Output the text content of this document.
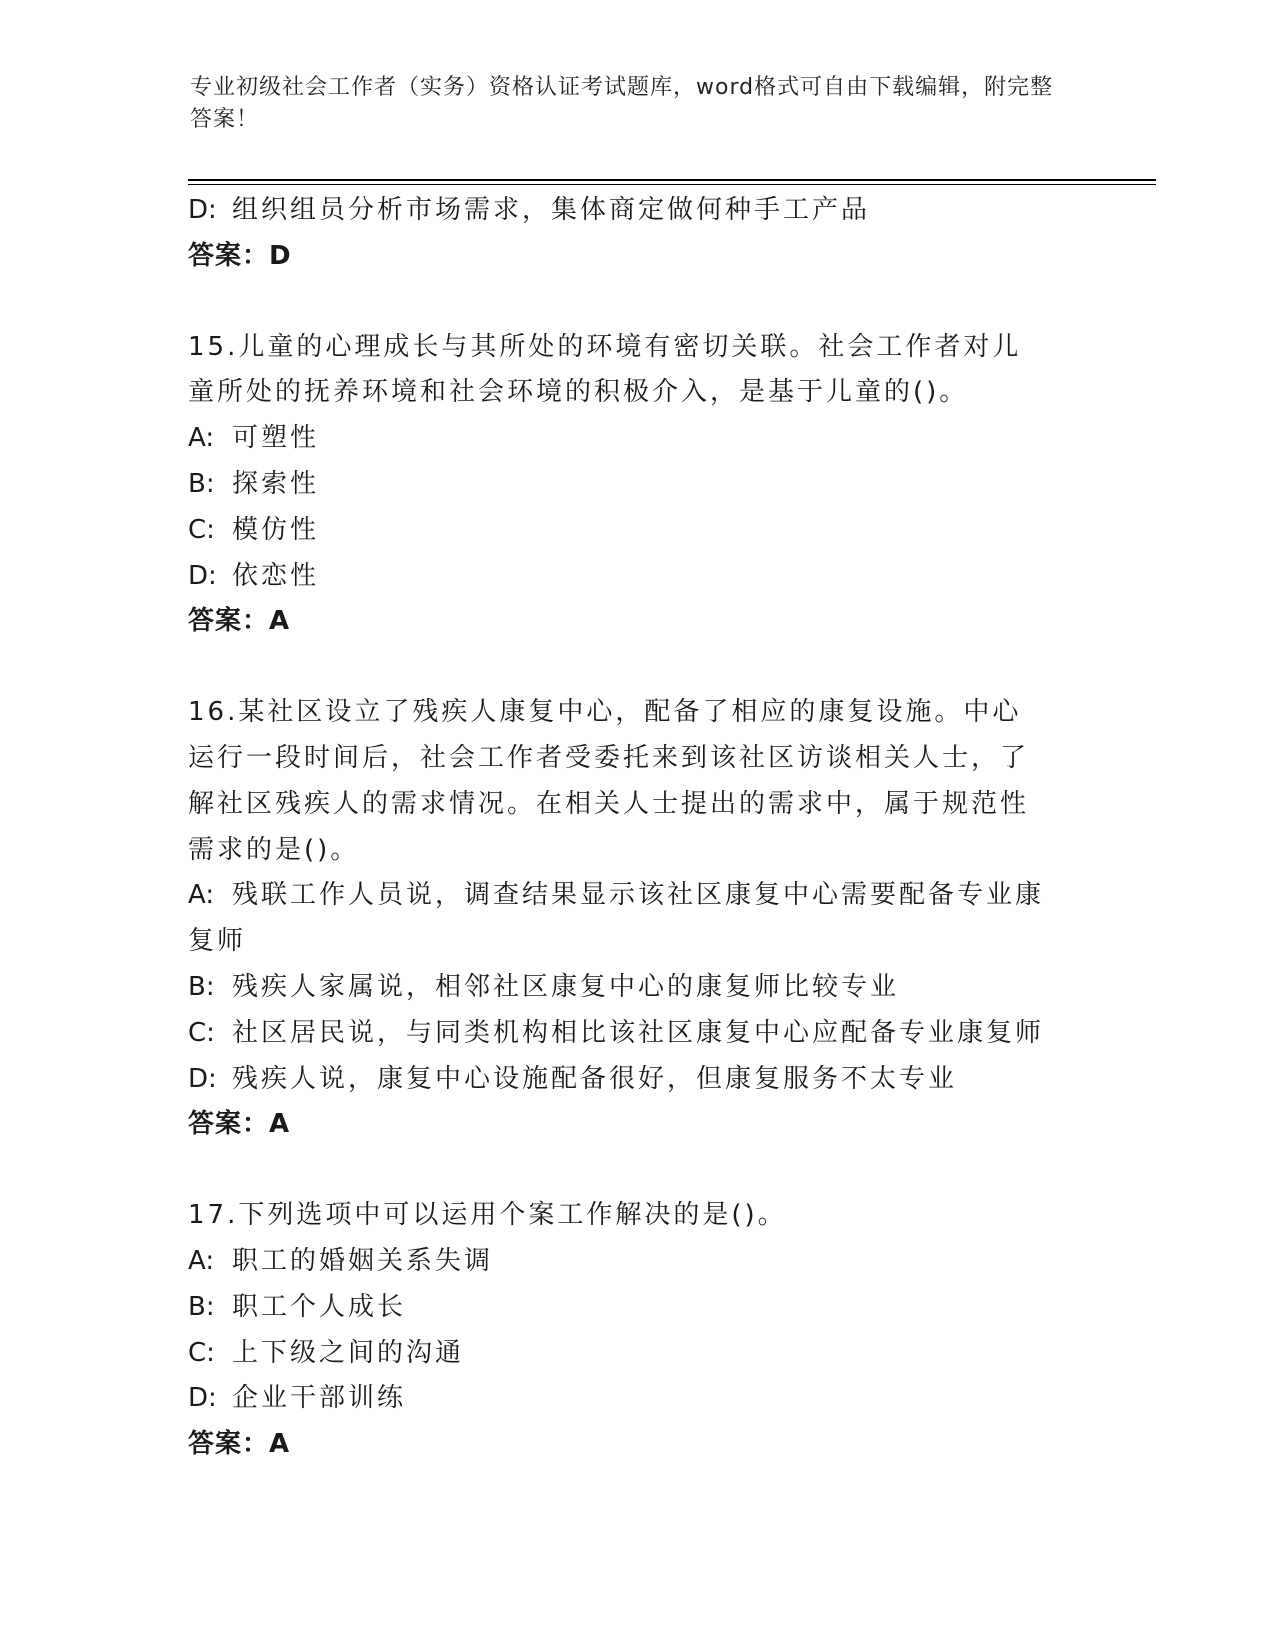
专业初级社会工作者（实务）资格认证考试题库，word格式可自由下载编辑，附完整答案！
D: 组织组员分析市场需求，集体商定做何种手工产品
答案：D
15.儿童的心理成长与其所处的环境有密切关联。社会工作者对儿童所处的抚养环境和社会环境的积极介入，是基于儿童的()。
A: 可塑性
B: 探索性
C: 模仿性
D: 依恋性
答案：A
16.某社区设立了残疾人康复中心，配备了相应的康复设施。中心运行一段时间后，社会工作者受委托来到该社区访谈相关人士，了解社区残疾人的需求情况。在相关人士提出的需求中，属于规范性需求的是()。
A: 残联工作人员说，调查结果显示该社区康复中心需要配备专业康复师
B: 残疾人家属说，相邻社区康复中心的康复师比较专业
C: 社区居民说，与同类机构相比该社区康复中心应配备专业康复师
D: 残疾人说，康复中心设施配备很好，但康复服务不太专业
答案：A
17.下列选项中可以运用个案工作解决的是()。
A: 职工的婚姻关系失调
B: 职工个人成长
C: 上下级之间的沟通
D: 企业干部训练
答案：A
